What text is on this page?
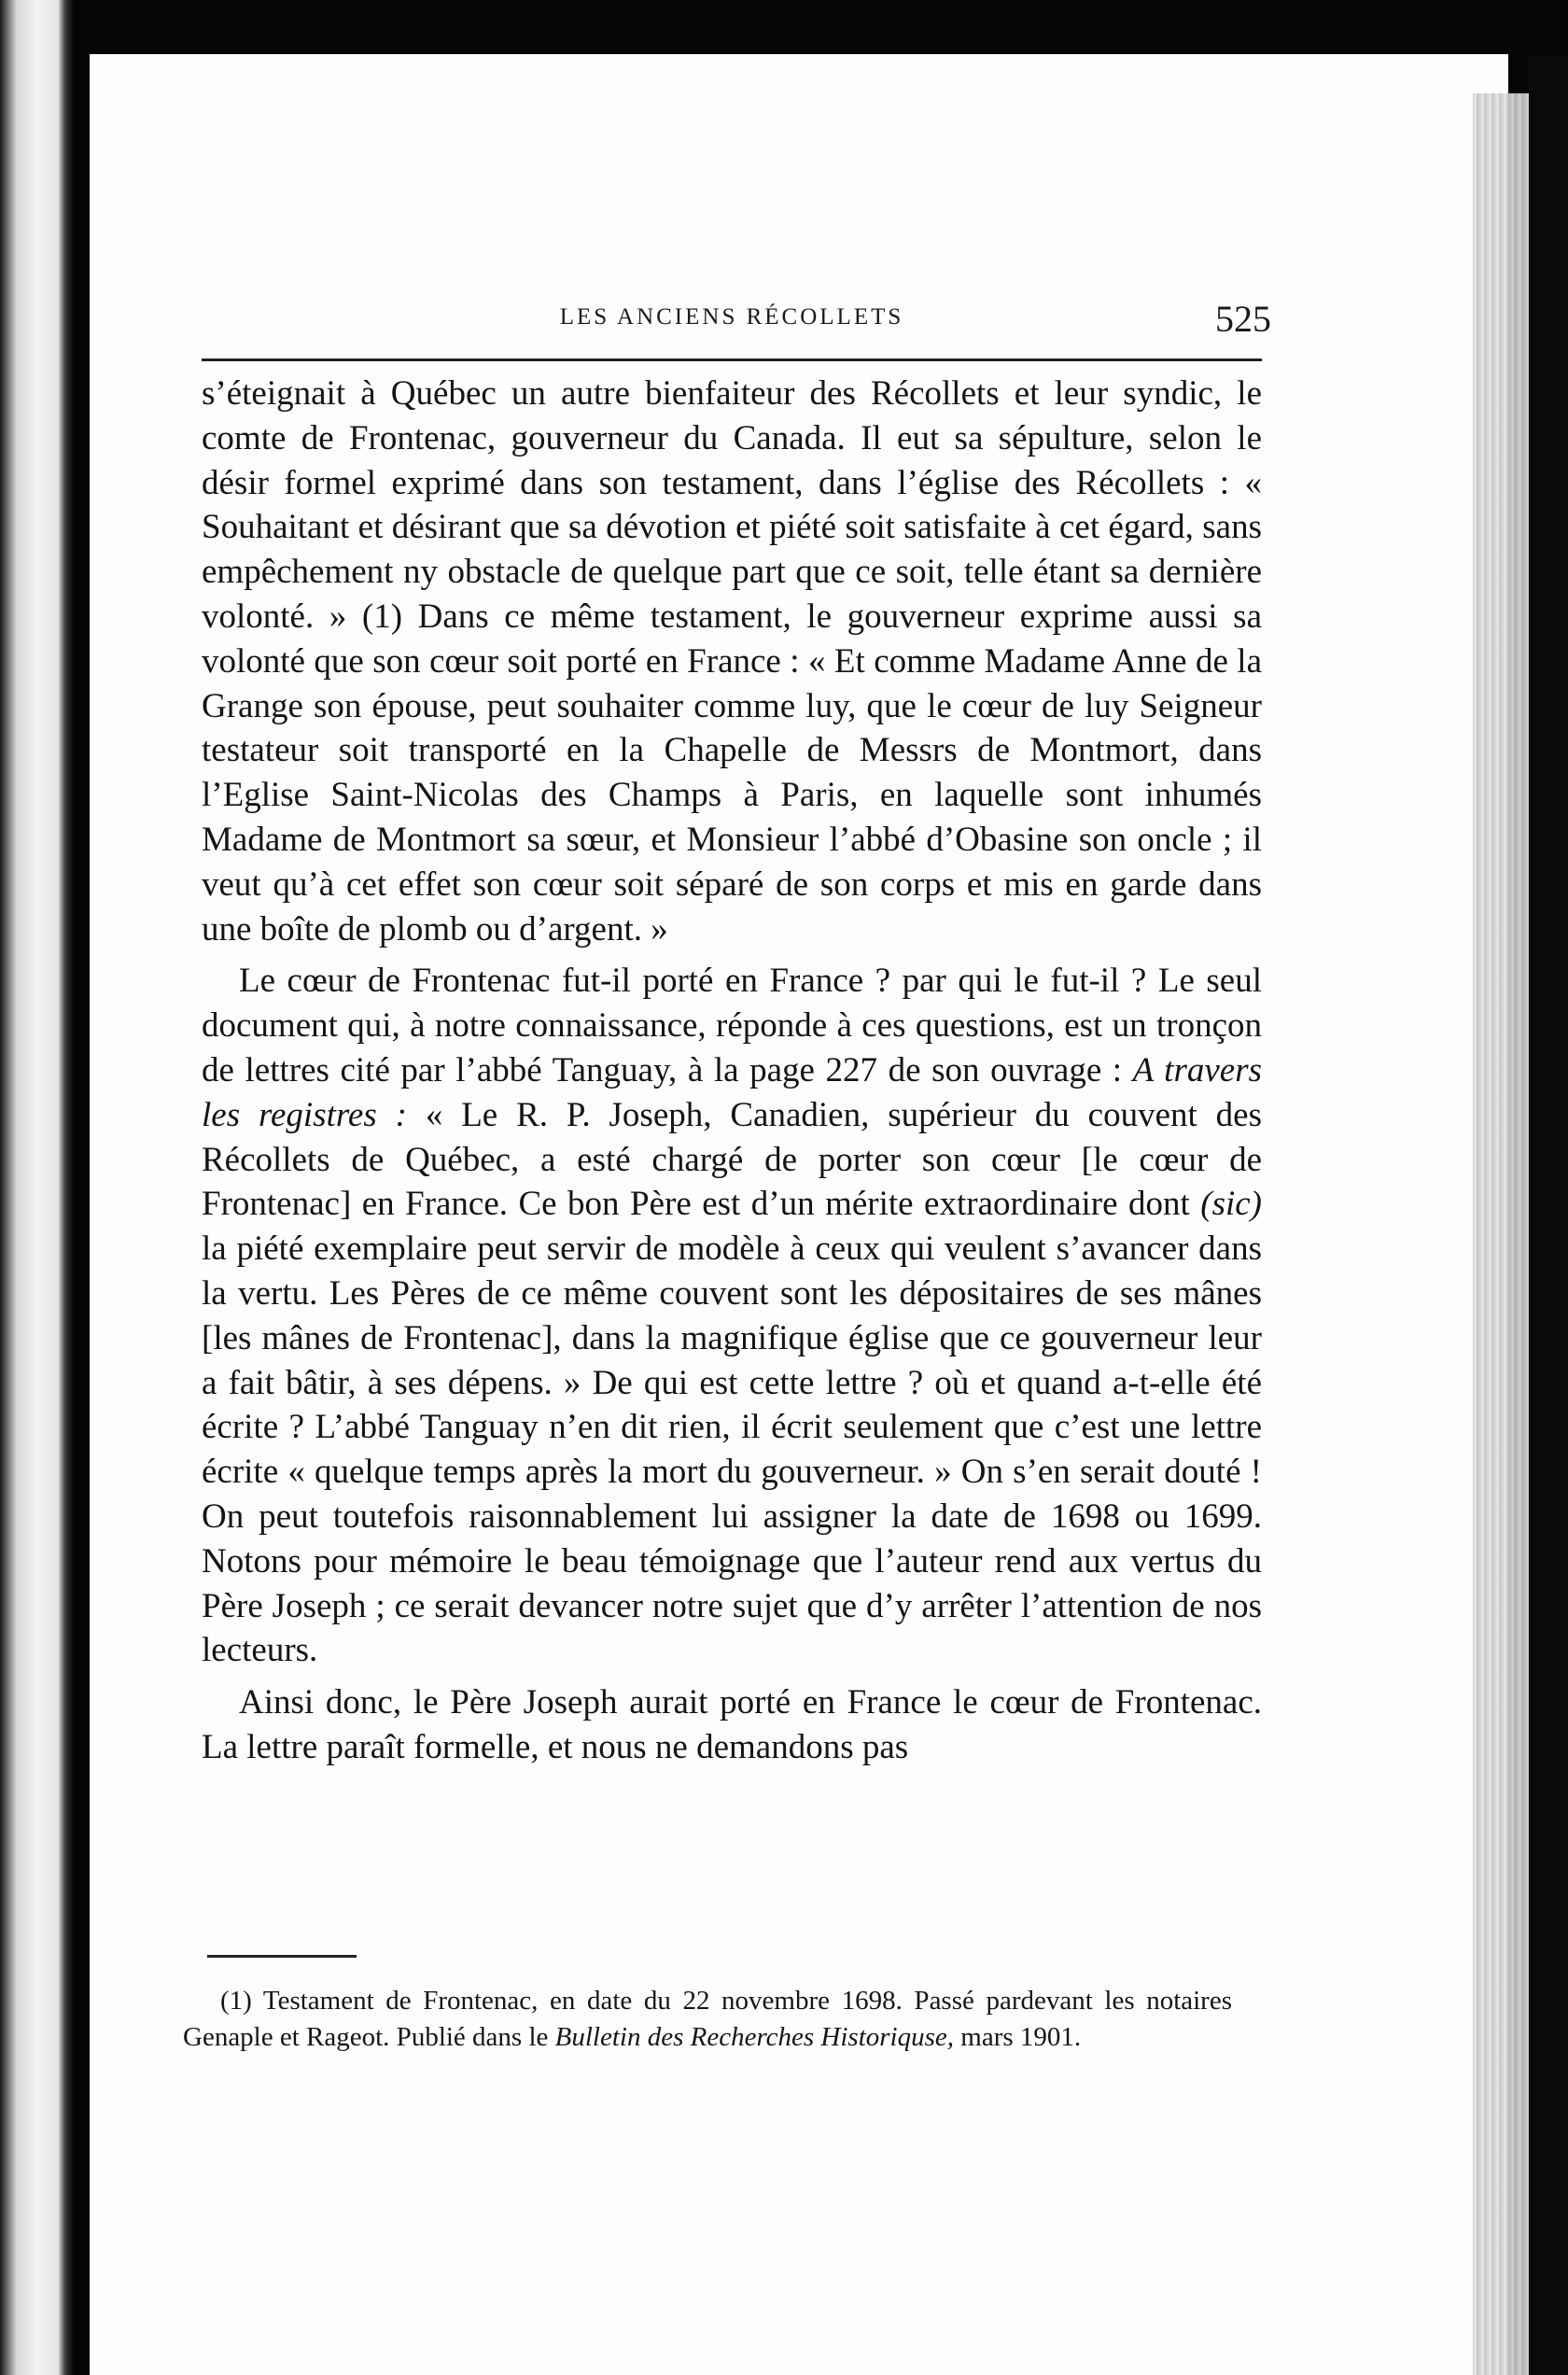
LES ANCIENS RÉCOLLETS	525

s’éteignait à Québec un autre bienfaiteur des Récollets et leur syndic, le comte de Frontenac, gouverneur du Canada. Il eut sa sépulture, selon le désir formel exprimé dans son testament, dans l’église des Récollets : « Souhaitant et désirant que sa dévotion et piété soit satisfaite à cet égard, sans empêchement ny obstacle de quelque part que ce soit, telle étant sa dernière volonté. » (1) Dans ce même testament, le gouverneur exprime aussi sa volonté que son cœur soit porté en France : « Et comme Madame Anne de la Grange son épouse, peut souhaiter comme luy, que le cœur de luy Seigneur testateur soit transporté en la Chapelle de Messrs de Montmort, dans l’Eglise Saint-Nicolas des Champs à Paris, en laquelle sont inhumés Madame de Montmort sa sœur, et Monsieur l’abbé d’Obasine son oncle ; il veut qu’à cet effet son cœur soit séparé de son corps et mis en garde dans une boîte de plomb ou d’argent. »

Le cœur de Frontenac fut-il porté en France ? par qui le fut-il ? Le seul document qui, à notre connaissance, réponde à ces questions, est un tronçon de lettres cité par l’abbé Tanguay, à la page 227 de son ouvrage : A travers les registres : « Le R. P. Joseph, Canadien, supérieur du couvent des Récollets de Québec, a esté chargé de porter son cœur [le cœur de Frontenac] en France. Ce bon Père est d’un mérite extraordinaire dont (sic) la piété exemplaire peut servir de modèle à ceux qui veulent s’avancer dans la vertu. Les Pères de ce même couvent sont les dépositaires de ses mânes [les mânes de Frontenac], dans la magnifique église que ce gouverneur leur a fait bâtir, à ses dépens. » De qui est cette lettre ? où et quand a-t-elle été écrite ? L’abbé Tanguay n’en dit rien, il écrit seulement que c’est une lettre écrite « quelque temps après la mort du gouverneur. » On s’en serait douté ! On peut toutefois raisonnablement lui assigner la date de 1698 ou 1699. Notons pour mémoire le beau témoignage que l’auteur rend aux vertus du Père Joseph ; ce serait devancer notre sujet que d’y arrêter l’attention de nos lecteurs.

Ainsi donc, le Père Joseph aurait porté en France le cœur de Frontenac. La lettre paraît formelle, et nous ne demandons pas

(1) Testament de Frontenac, en date du 22 novembre 1698. Passé pardevant les notaires Genaple et Rageot. Publié dans le Bulletin des Recherches Historiquse, mars 1901.
